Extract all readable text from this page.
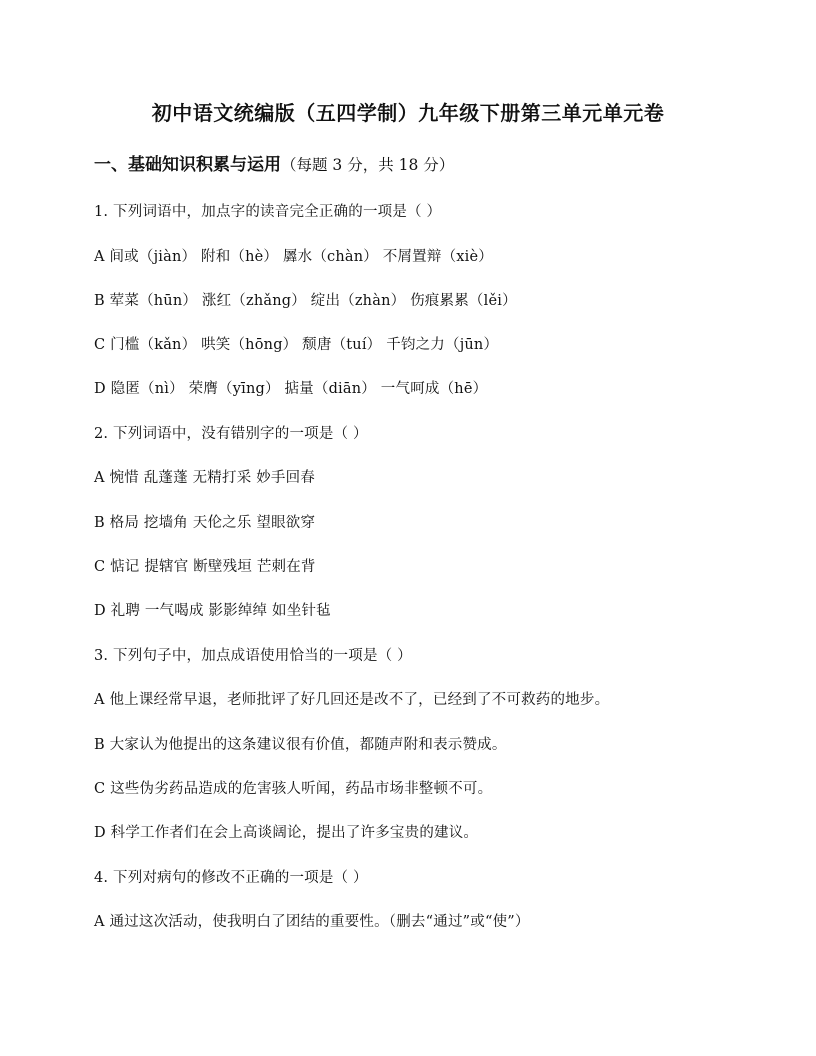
初中语文统编版（五四学制）九年级下册第三单元单元卷
一、基础知识积累与运用（每题 3 分，共 18 分）
1. 下列词语中，加点字的读音完全正确的一项是（ ）
A 间或（jiàn） 附和（hè） 羼水（chàn） 不屑置辩（xiè）
B 荤菜（hūn） 涨红（zhǎng） 绽出（zhàn） 伤痕累累（lěi）
C 门槛（kǎn） 哄笑（hōng） 颓唐（tuí） 千钧之力（jūn）
D 隐匿（nì） 荣膺（yīng） 掂量（diān） 一气呵成（hē）
2. 下列词语中，没有错别字的一项是（ ）
A 惋惜 乱蓬蓬 无精打采 妙手回春
B 格局 挖墙角 天伦之乐 望眼欲穿
C 惦记 提辖官 断壁残垣 芒刺在背
D 礼聘 一气喝成 影影绰绰 如坐针毡
3. 下列句子中，加点成语使用恰当的一项是（ ）
A 他上课经常早退，老师批评了好几回还是改不了，已经到了不可救药的地步。
B 大家认为他提出的这条建议很有价值，都随声附和表示赞成。
C 这些伪劣药品造成的危害骇人听闻，药品市场非整顿不可。
D 科学工作者们在会上高谈阔论，提出了许多宝贵的建议。
4. 下列对病句的修改不正确的一项是（ ）
A 通过这次活动，使我明白了团结的重要性。（删去“通过”或“使”）
